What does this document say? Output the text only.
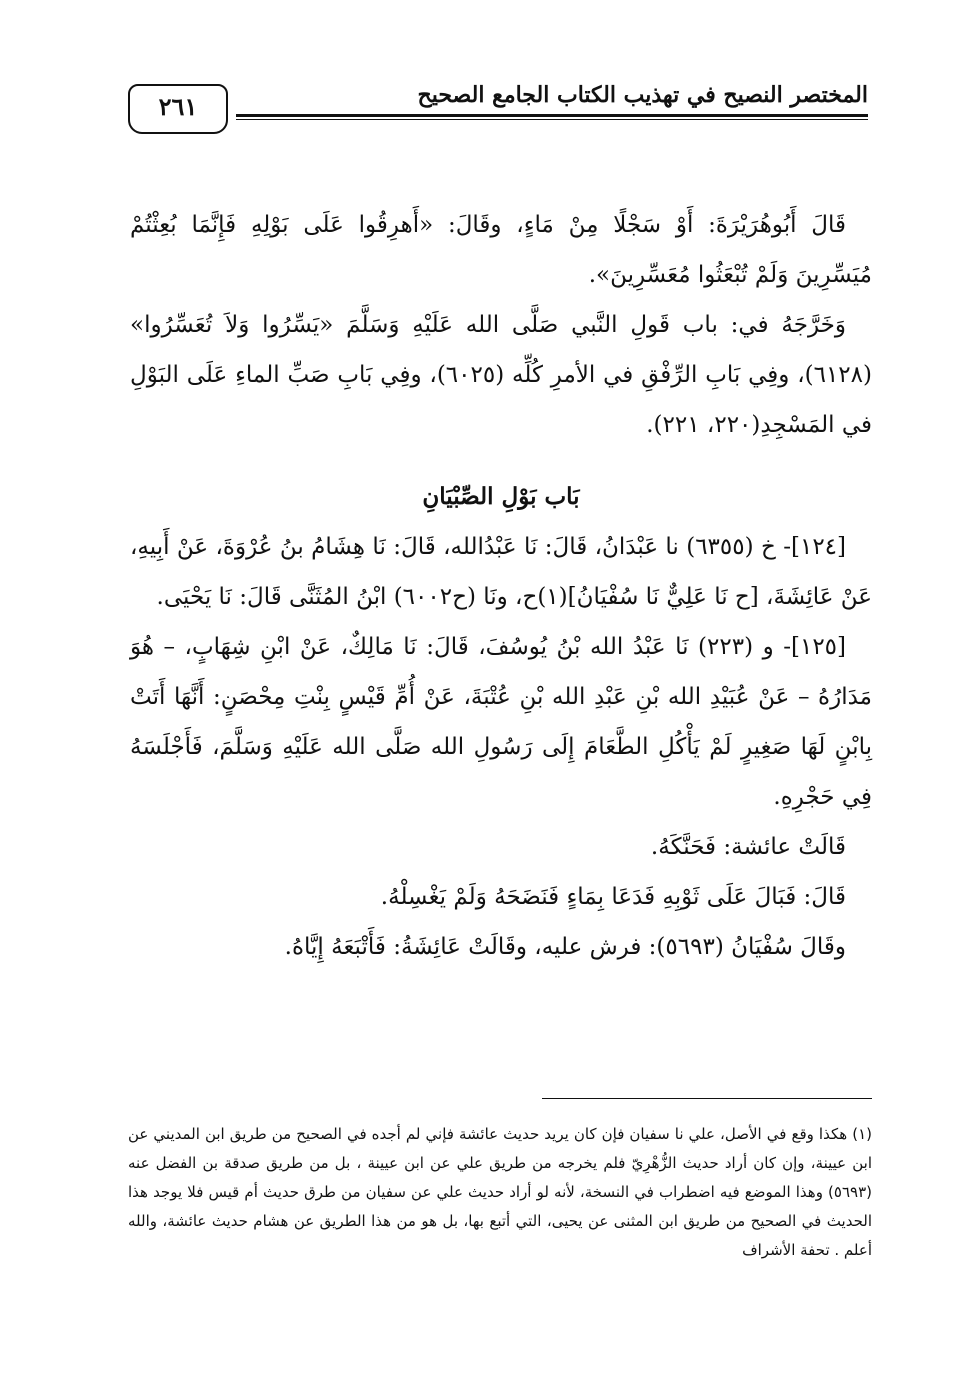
المختصر النصيح في تهذيب الكتاب الجامع الصحيح
٢٦١

قَالَ أَبُوهُرَيْرَةَ: أَوْ سَجْلًا مِنْ مَاءٍ، وقَالَ: «أَهرِقُوا عَلَى بَوْلِهِ فَإِنَّمَا بُعِثْتُمْ مُيَسِّرِينَ وَلَمْ تُبْعَثُوا مُعَسِّرِينَ».

وَخَرَّجَهُ في: باب قَولِ النَّبي صَلَّى الله عَلَيْهِ وَسَلَّمَ «يَسِّرُوا وَلاَ تُعَسِّرُوا» (٦١٢٨)، وفِي بَابِ الرِّفْقِ في الأمرِ كُلِّه (٦٠٢٥)، وفِي بَابِ صَبِّ الماءِ عَلَى البَوْلِ في المَسْجِدِ(٢٢٠، ٢٢١).

بَاب بَوْلِ الصِّبْيَانِ

[١٢٤]- خ (٦٣٥٥) نا عَبْدَانُ، قَالَ: نَا عَبْدُالله، قَالَ: نَا هِشَامُ بنُ عُرْوَةَ، عَنْ أَبِيهِ، عَنْ عَائِشَةَ، [ح نَا عَلِيٌّ نَا سُفْيَانُ](١)ح، ونَا (ح٦٠٠٢) ابْنُ المُثَنَّى قَالَ: نَا يَحْيَى.

[١٢٥]- و (٢٢٣) نَا عَبْدُ الله بْنُ يُوسُفَ، قَالَ: نَا مَالِكٌ، عَنْ ابْنِ شِهَابٍ، – هُوَ مَدَارُهُ – عَنْ عُبَيْدِ الله بْنِ عَبْدِ الله بْنِ عُتْبَةَ، عَنْ أُمِّ قَيْسٍ بِنْتِ مِحْصَنٍ: أَنَّهَا أَتَتْ بِابْنٍ لَهَا صَغِيرٍ لَمْ يَأْكُلِ الطَّعَامَ إِلَى رَسُولِ الله صَلَّى الله عَلَيْهِ وَسَلَّمَ، فَأَجْلَسَهُ فِي حَجْرِهِ.

قَالَتْ عائشة: فَحَنَّكَهُ.

قَالَ: فَبَالَ عَلَى ثَوْبِهِ فَدَعَا بِمَاءٍ فَنَضَحَهُ وَلَمْ يَغْسِلْهُ.

وقَالَ سُفْيَانُ (٥٦٩٣): فرش عليه، وقَالَتْ عَائِشَةُ: فَأَتْبَعَهُ إِيَّاهُ.

(١) هكذا وقع في الأصل، علي نا سفيان فإن كان يريد حديث عائشة فإني لم أجده في الصحيح من طريق ابن المديني عن ابن عيينة، وإن كان أراد حديث الزُّهْرِيّ فلم يخرجه من طريق علي عن ابن عيينة ، بل من طريق صدقة بن الفضل عنه (٥٦٩٣) وهذا الموضع فيه اضطراب في النسخة، لأنه لو أراد حديث علي عن سفيان من طرق حديث أم قيس فلا يوجد هذا الحديث في الصحيح من طريق ابن المثنى عن يحيى، التي أتبع بها، بل هو من هذا الطريق عن هشام حديث عائشة، والله أعلم . تحفة الأشراف
